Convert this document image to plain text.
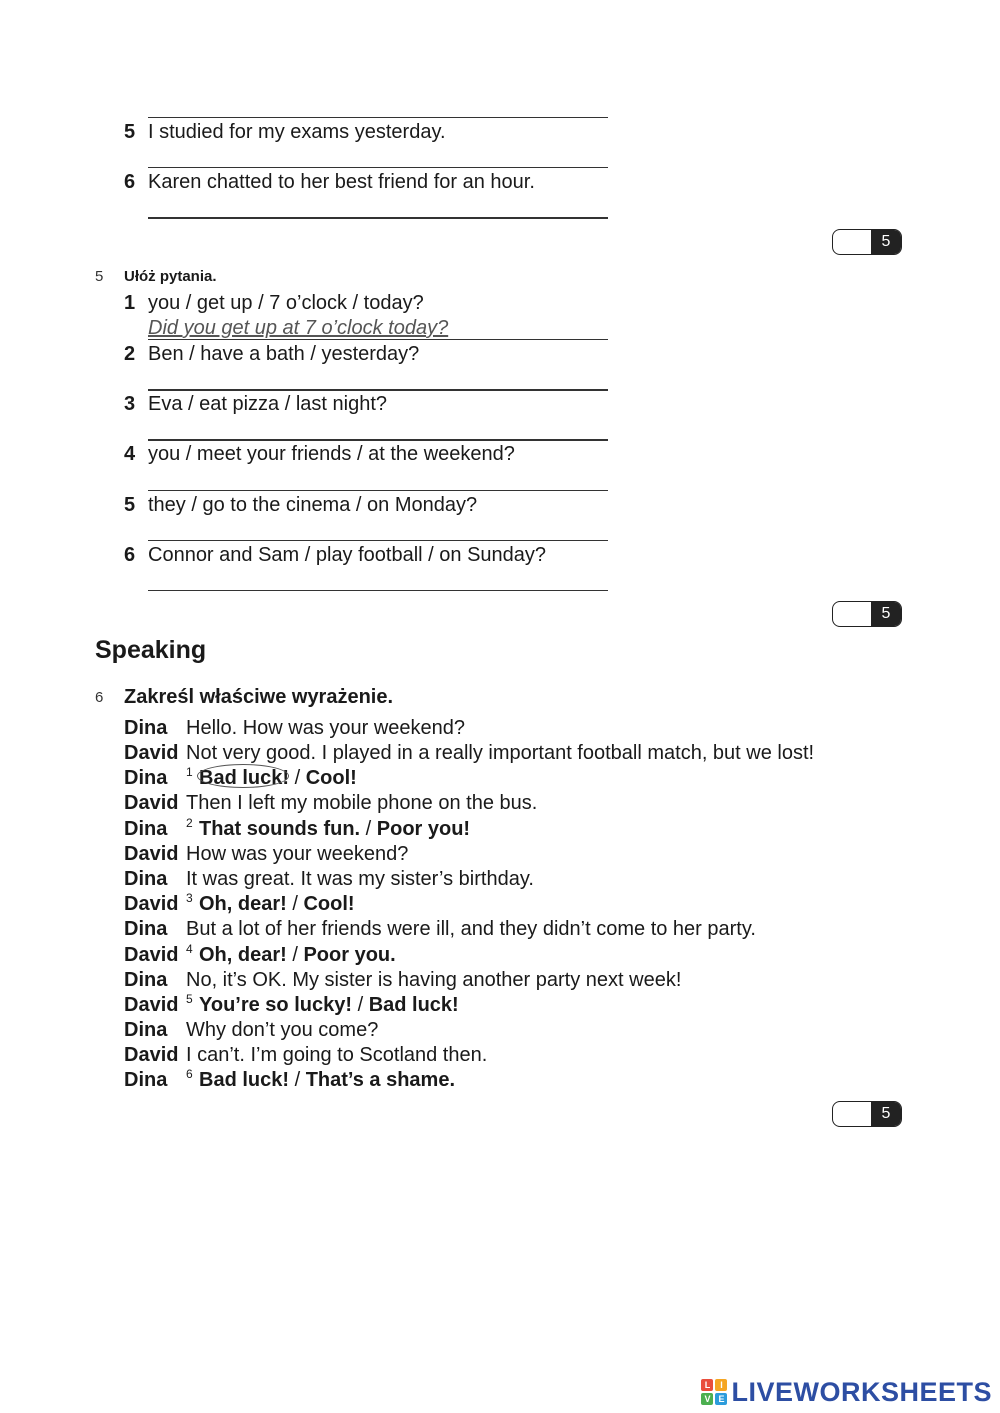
5 I studied for my exams yesterday.
6 Karen chatted to her best friend for an hour.
5
5 Ułóż pytania.
1 you / get up / 7 o’clock / today?
Did you get up at 7 o’clock today?
2 Ben / have a bath / yesterday?
3 Eva / eat pizza / last night?
4 you / meet your friends / at the weekend?
5 they / go to the cinema / on Monday?
6 Connor and Sam / play football / on Sunday?
5
Speaking
6 Zakreśl właściwe wyrażenie.
Dina Hello. How was your weekend?
David Not very good. I played in a really important football match, but we lost!
Dina 1 Bad luck! / Cool!
David Then I left my mobile phone on the bus.
Dina 2 That sounds fun. / Poor you!
David How was your weekend?
Dina It was great. It was my sister’s birthday.
David 3 Oh, dear! / Cool!
Dina But a lot of her friends were ill, and they didn’t come to her party.
David 4 Oh, dear! / Poor you.
Dina No, it’s OK. My sister is having another party next week!
David 5 You’re so lucky! / Bad luck!
Dina Why don’t you come?
David I can’t. I’m going to Scotland then.
Dina 6 Bad luck! / That’s a shame.
5
L	I
V E LIVEWORKSHEETS
